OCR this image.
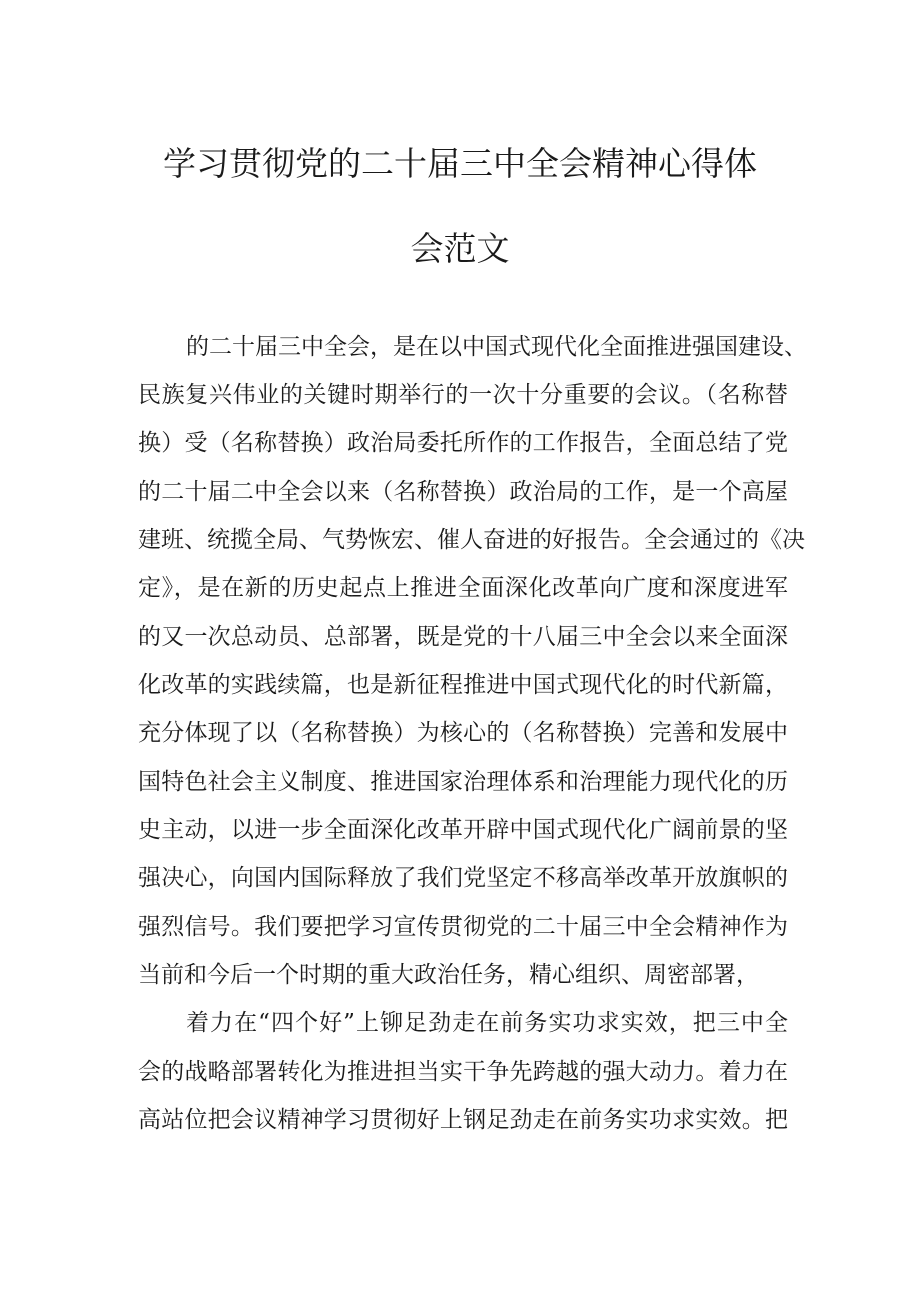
学习贯彻党的二十届三中全会精神心得体
会范文
的二十届三中全会，是在以中国式现代化全面推进强国建设、
民族复兴伟业的关键时期举行的一次十分重要的会议。（名称替
换）受（名称替换）政治局委托所作的工作报告，全面总结了党
的二十届二中全会以来（名称替换）政治局的工作，是一个高屋
建班、统揽全局、气势恢宏、催人奋进的好报告。全会通过的《决
定》，是在新的历史起点上推进全面深化改革向广度和深度进军
的又一次总动员、总部署，既是党的十八届三中全会以来全面深
化改革的实践续篇，也是新征程推进中国式现代化的时代新篇，
充分体现了以（名称替换）为核心的（名称替换）完善和发展中
国特色社会主义制度、推进国家治理体系和治理能力现代化的历
史主动，以进一步全面深化改革开辟中国式现代化广阔前景的坚
强决心，向国内国际释放了我们党坚定不移高举改革开放旗帜的
强烈信号。我们要把学习宣传贯彻党的二十届三中全会精神作为
当前和今后一个时期的重大政治任务，精心组织、周密部署，
着力在“四个好”上铆足劲走在前务实功求实效，把三中全
会的战略部署转化为推进担当实干争先跨越的强大动力。着力在
高站位把会议精神学习贯彻好上钢足劲走在前务实功求实效。把
